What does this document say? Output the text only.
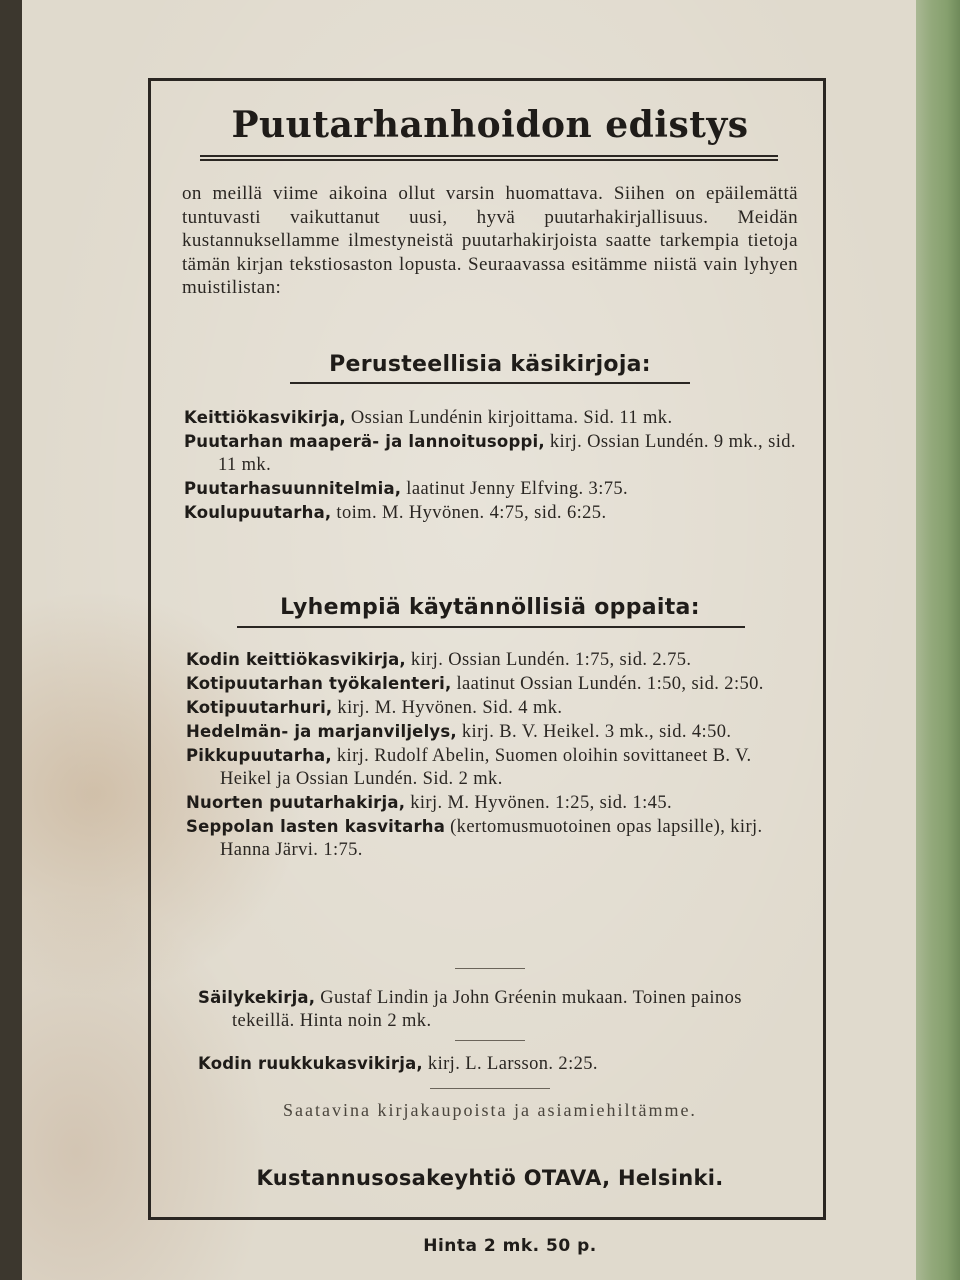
Puutarhanhoidon edistys
on meillä viime aikoina ollut varsin huomattava. Siihen on epäilemättä tuntuvasti vaikuttanut uusi, hyvä puutarhakirjallisuus. Meidän kustannuksellamme ilmestyneistä puutarhakirjoista saatte tarkempia tietoja tämän kirjan tekstiosaston lopusta. Seuraavassa esitämme niistä vain lyhyen muistilistan:
Perusteellisia käsikirjoja:

Keittiökasvikirja, Ossian Lundénin kirjoittama. Sid. 11 mk.

Puutarhan maaperä- ja lannoitusoppi, kirj. Ossian Lundén. 9 mk., sid. 11 mk.

Puutarhasuunnitelmia, laatinut Jenny Elfving. 3:75.

Koulupuutarha, toim. M. Hyvönen. 4:75, sid. 6:25.

Lyhempiä käytännöllisiä oppaita:

Kodin keittiökasvikirja, kirj. Ossian Lundén. 1:75, sid. 2.75.

Kotipuutarhan työkalenteri, laatinut Ossian Lundén. 1:50, sid. 2:50.

Kotipuutarhuri, kirj. M. Hyvönen. Sid. 4 mk.

Hedelmän- ja marjanviljelys, kirj. B. V. Heikel. 3 mk., sid. 4:50.

Pikkupuutarha, kirj. Rudolf Abelin, Suomen oloihin sovittaneet B. V. Heikel ja Ossian Lundén. Sid. 2 mk.

Nuorten puutarhakirja, kirj. M. Hyvönen. 1:25, sid. 1:45.

Seppolan lasten kasvitarha (kertomusmuotoinen opas lapsille), kirj. Hanna Järvi. 1:75.

Säilykekirja, Gustaf Lindin ja John Gréenin mukaan. Toinen painos tekeillä. Hinta noin 2 mk.

Kodin ruukkukasvikirja, kirj. L. Larsson. 2:25.

Saatavina kirjakaupoista ja asiamiehiltämme.
Kustannusosakeyhtiö OTAVA, Helsinki.
Hinta 2 mk. 50 p.
